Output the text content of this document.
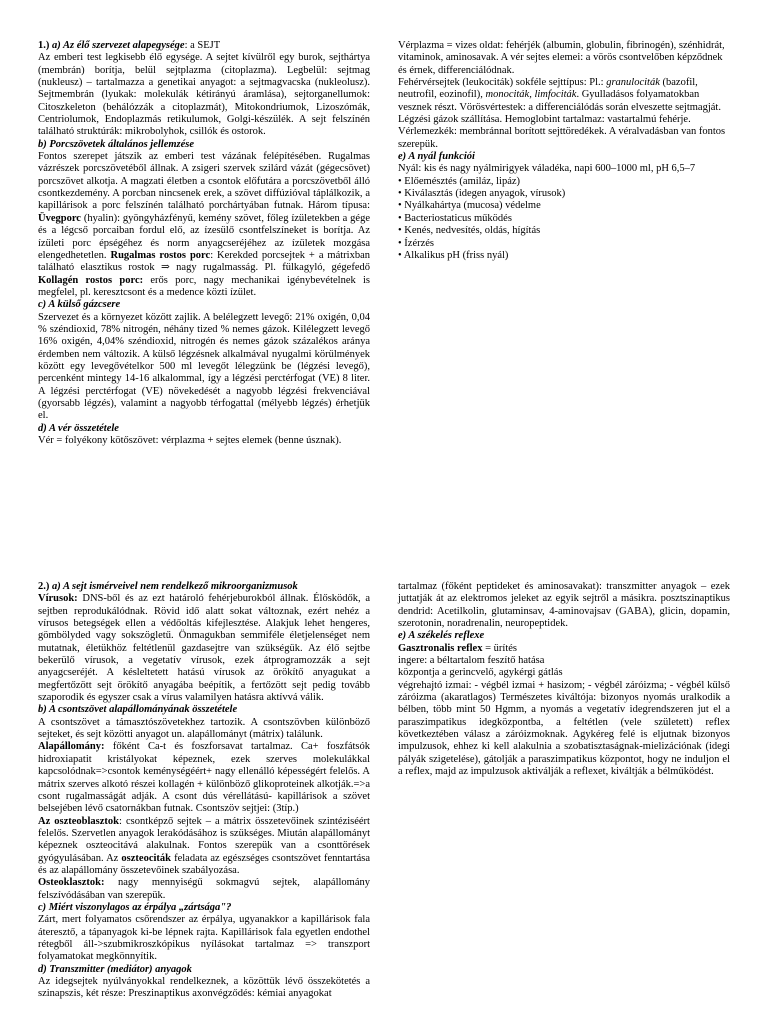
1.) a) Az élő szervezet alapegysége: a SEJT

Az emberi test legkisebb élő egysége. A sejtet kívülről egy burok, sejthártya (membrán) borítja, belül sejtplazma (citoplazma). Legbelül: sejtmag (nukleusz) – tartalmazza a genetikai anyagot: a sejtmagvacska (nukleolusz). Sejtmembrán (lyukak: molekulák kétirányú áramlása), sejtorganellumok: Citoszkeleton (behálózzák a citoplazmát), Mitokondriumok, Lizoszómák, Centriolumok, Endoplazmás retikulumok, Golgi-készülék. A sejt felszínén található struktúrák: mikrobolyhok, csillók és ostorok.

b) Porcszövetek általános jellemzése

Fontos szerepet játszik az emberi test vázának felépítésében. Rugalmas vázrészek porcszövetéből állnak. A zsigeri szervek szilárd vázát (gégecsövet) porcszövet alkotja. A magzati életben a csontok előfutára a porcszövetből álló csontkezdemény. A porcban nincsenek erek, a szövet diffúzióval táplálkozik, a kapillárisok a porc felszínén található porchártyában futnak. Három típusa: Üvegporc (hyalin): gyöngyházfényű, kemény szövet, főleg ízületekben a gége és a légcső porcaiban fordul elő, az ízesülő csontfelszíneket is borítja. Az ízületi porc épségéhez és norm anyagcseréjéhez az ízületek mozgása elengedhetetlen. Rugalmas rostos porc: Kerekded porcsejtek + a mátrixban található elasztikus rostok ⇒ nagy rugalmasság. Pl. fülkagyló, gégefedő Kollagén rostos porc: erős porc, nagy mechanikai igénybevételnek is megfelel, pl. keresztcsont és a medence közti ízület.

c) A külső gázcsere

Szervezet és a környezet között zajlik. A belélegzett levegő: 21% oxigén, 0,04 % széndioxid, 78% nitrogén, néhány tized % nemes gázok. Kilélegzett levegő 16% oxigén, 4,04% széndioxid, nitrogén és nemes gázok százalékos aránya érdemben nem változik. A külső légzésnek alkalmával nyugalmi körülmények között egy levegővételkor 500 ml levegőt lélegzünk be (légzési levegő), percenként mintegy 14-16 alkalommal, így a légzési perctérfogat (VE) 8 liter. A légzési perctérfogat (VE) növekedését a nagyobb légzési frekvenciával (gyorsabb légzés), valamint a nagyobb térfogattal (mélyebb légzés) érhetjük el.

d) A vér összetétele

Vér = folyékony kötőszövet: vérplazma + sejtes elemek (benne úsznak).

Vérplazma = vizes oldat: fehérjék (albumin, globulin, fibrinogén), szénhidrát, vitaminok, aminosavak. A vér sejtes elemei: a vörös csontvelőben képződnek és érnek, differenciálódnak.

Fehérvérsejtek (leukociták) sokféle sejttípus: Pl.: granulociták (bazofil, neutrofil, eozinofil), monociták, limfociták. Gyulladásos folyamatokban vesznek részt. Vörösvértestek: a differenciálódás során elveszette sejtmagját. Légzési gázok szállítása. Hemoglobint tartalmaz: vastartalmú fehérje. Vérlemezkék: membránnal borított sejttöredékek. A véralvadásban van fontos szerepük.

e) A nyál funkciói

Nyál: kis és nagy nyálmirigyek váladéka, napi 600–1000 ml, pH 6,5–7

• Előemésztés (amiláz, lipáz)

• Kiválasztás (idegen anyagok, vírusok)

• Nyálkahártya (mucosa) védelme

• Bacteriostaticus működés

• Kenés, nedvesítés, oldás, hígítás

• Ízérzés

• Alkalikus pH (friss nyál)

2.) a) A sejt ismérveivel nem rendelkező mikroorganizmusok

Vírusok: DNS-ből és az ezt határoló fehérjeburokból állnak. Élősködők, a sejtben reprodukálódnak. Rövid idő alatt sokat változnak, ezért nehéz a vírusos betegségek ellen a védőoltás kifejlesztése. Alakjuk lehet hengeres, gömbölyded vagy sokszögletű. Önmagukban semmiféle életjelenséget nem mutatnak, életükhöz feltétlenül gazdasejtre van szükségük. Az élő sejtbe bekerülő vírusok, a vegetatív vírusok, ezek átprogramozzák a sejt anyagcseréjét. A késleltetett hatású vírusok az örökítő anyagukat a megfertőzött sejt örökítő anyagába beépítik, a fertőzött sejt pedig tovább szaporodik és egyszer csak a vírus valamilyen hatásra aktívvá válik.

b) A csontszövet alapállományának összetétele

A csontszövet a támasztószövetekhez tartozik. A csontszövben különböző sejteket, és sejt közötti anyagot un. alapállományt (mátrix) találunk.

Alapállomány: főként Ca-t és foszforsavat tartalmaz. Ca+ foszfátsók hidroxiapatit kristályokat képeznek, ezek szerves molekulákkal kapcsolódnak=>csontok keménységéért+ nagy ellenálló képességért felelős. A mátrix szerves alkotó részei kollagén + különböző glikoproteinek alkotják.=>a csont rugalmasságát adják. A csont dús vérellátású- kapillárisok a szövet belsejében lévő csatornákban futnak. Csontszöv sejtjei: (3típ.)

Az oszteoblasztok: csontképző sejtek – a mátrix összetevőinek szintéziséért felelős. Szervetlen anyagok lerakódásához is szükséges. Miután alapállományt képeznek oszteocitává alakulnak. Fontos szerepük van a csonttörések gyógyulásában. Az oszteociták feladata az egészséges csontszövet fenntartása és az alapállomány összetevőinek szabályozása.

Osteoklasztok: nagy mennyiségű sokmagvú sejtek, alapállomány felszívódásában van szerepük.

c) Miért viszonylagos az érpálya „zártsága"?

Zárt, mert folyamatos csőrendszer az érpálya, ugyanakkor a kapillárisok fala áteresztő, a tápanyagok ki-be lépnek rajta. Kapillárisok fala egyetlen endothel rétegből áll->szubmikroszkópikus nyílásokat tartalmaz => transzport folyamatokat megkönnyítik.

d) Transzmitter (mediátor) anyagok

Az idegsejtek nyúlványokkal rendelkeznek, a közöttük lévő összekötetés a szinapszis, két része: Preszinaptikus axonvégződés: kémiai anyagokat

tartalmaz (főként peptideket és aminosavakat): transzmitter anyagok – ezek juttatják át az elektromos jeleket az egyik sejtről a másikra. posztszinaptikus dendrid: Acetilkolin, glutaminsav, 4-aminovajsav (GABA), glicin, dopamin, szerotonin, noradrenalin, neuropeptidek.

e) A székelés reflexe

Gasztronalis reflex = ürítés

ingere: a béltartalom feszítő hatása

központja a gerincvelő, agykérgi gátlás

végrehajtó izmai: - végbél izmai + hasizom; - végbél záróizma; - végbél külső záróizma (akaratlagos) Természetes kiváltója: bizonyos nyomás uralkodik a bélben, több mint 50 Hgmm, a nyomás a vegetatív idegrendszeren jut el a paraszimpatikus idegközpontba, a feltétlen (vele született) reflex következtében válasz a záróizmoknak. Agykéreg felé is eljutnak bizonyos impulzusok, ehhez ki kell alakulnia a szobatisztaságnak-mielizációnak (idegi pályák szigetelése), gátolják a paraszimpatikus központot, hogy ne induljon el a reflex, majd az impulzusok aktiválják a reflexet, kiváltják a bélműködést.
